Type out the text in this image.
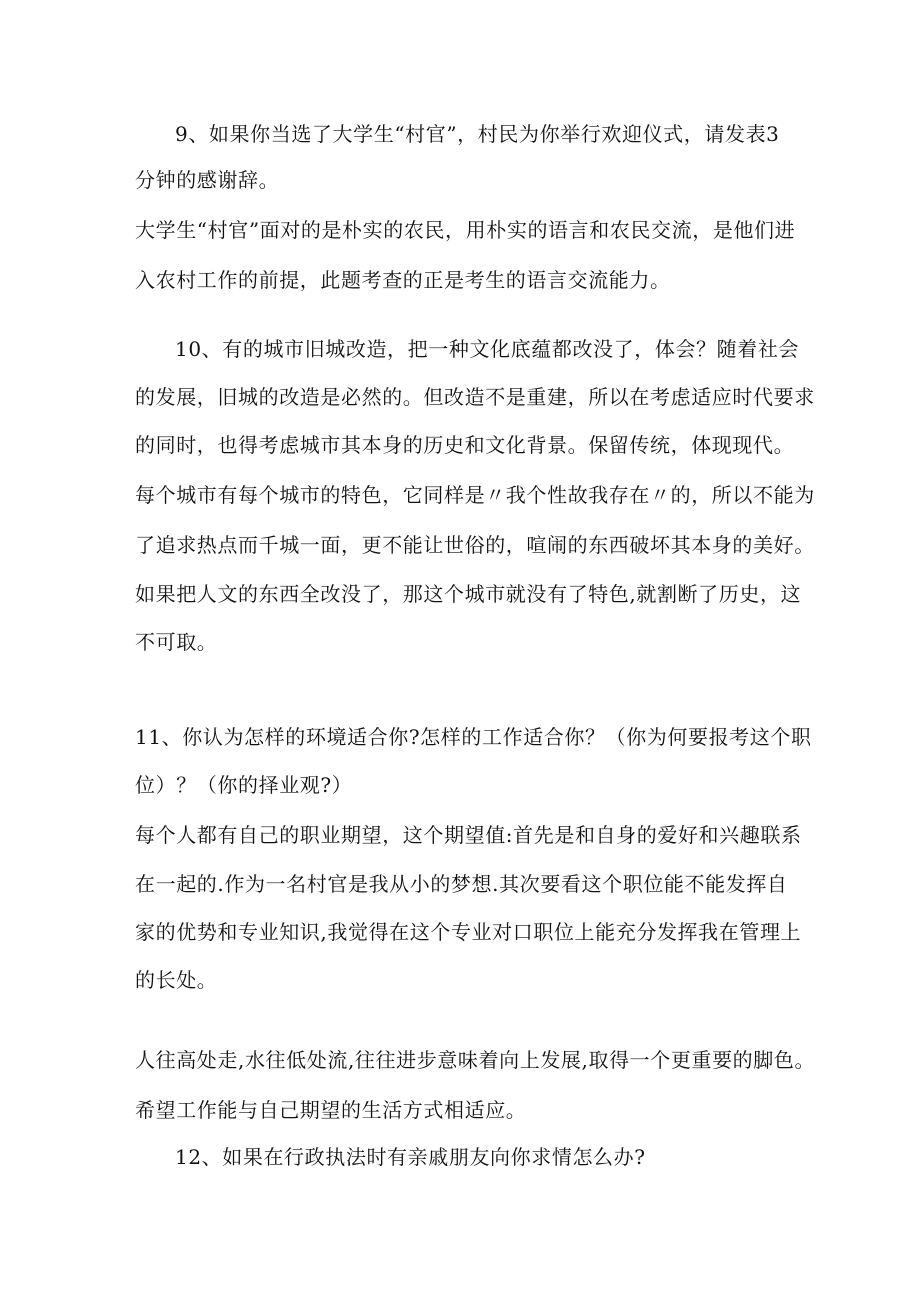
9、如果你当选了大学生“村官”，村民为你举行欢迎仪式，请发表3
分钟的感谢辞。
大学生“村官”面对的是朴实的农民，用朴实的语言和农民交流，是他们进
入农村工作的前提，此题考查的正是考生的语言交流能力。
10、有的城市旧城改造，把一种文化底蕴都改没了，体会？随着社会
的发展，旧城的改造是必然的。但改造不是重建，所以在考虑适应时代要求
的同时，也得考虑城市其本身的历史和文化背景。保留传统，体现现代。
每个城市有每个城市的特色，它同样是〃我个性故我存在〃的，所以不能为
了追求热点而千城一面，更不能让世俗的，喧闹的东西破坏其本身的美好。
如果把人文的东西全改没了，那这个城市就没有了特色,就割断了历史，这
不可取。
11、你认为怎样的环境适合你?怎样的工作适合你？（你为何要报考这个职
位）？（你的择业观?）
每个人都有自己的职业期望，这个期望值:首先是和自身的爱好和兴趣联系
在一起的.作为一名村官是我从小的梦想.其次要看这个职位能不能发挥自
家的优势和专业知识,我觉得在这个专业对口职位上能充分发挥我在管理上
的长处。
人往高处走,水往低处流,往往进步意味着向上发展,取得一个更重要的脚色。
希望工作能与自己期望的生活方式相适应。
12、如果在行政执法时有亲戚朋友向你求情怎么办?
